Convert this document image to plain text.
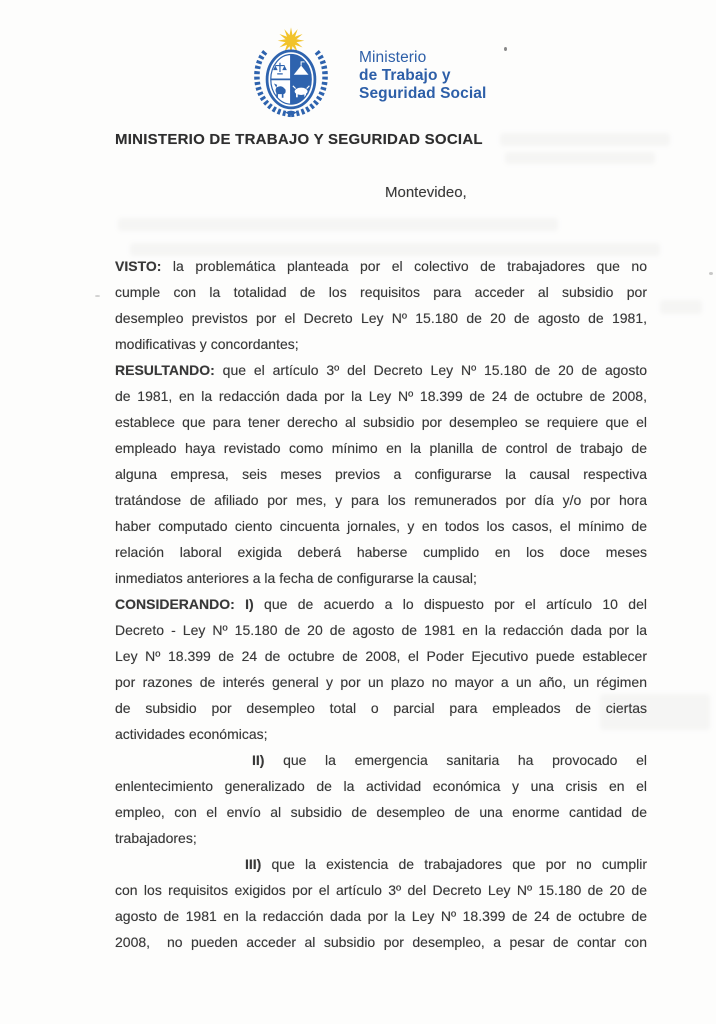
Ministerio
de Trabajo y
Seguridad Social
MINISTERIO DE TRABAJO Y SEGURIDAD SOCIAL
Montevideo,
VISTO: la problemática planteada por el colectivo de trabajadores que no
cumple con la totalidad de los requisitos para acceder al subsidio por
desempleo previstos por el Decreto Ley Nº 15.180 de 20 de agosto de 1981,
modificativas y concordantes;
RESULTANDO: que el artículo 3º del Decreto Ley Nº 15.180 de 20 de agosto
de 1981, en la redacción dada por la Ley Nº 18.399 de 24 de octubre de 2008,
establece que para tener derecho al subsidio por desempleo se requiere que el
empleado haya revistado como mínimo en la planilla de control de trabajo de
alguna empresa, seis meses previos a configurarse la causal respectiva
tratándose de afiliado por mes, y para los remunerados por día y/o por hora
haber computado ciento cincuenta jornales, y en todos los casos, el mínimo de
relación laboral exigida deberá haberse cumplido en los doce meses
inmediatos anteriores a la fecha de configurarse la causal;
CONSIDERANDO: I) que de acuerdo a lo dispuesto por el artículo 10 del
Decreto - Ley Nº 15.180 de 20 de agosto de 1981 en la redacción dada por la
Ley Nº 18.399 de 24 de octubre de 2008, el Poder Ejecutivo puede establecer
por razones de interés general y por un plazo no mayor a un año, un régimen
de subsidio por desempleo total o parcial para empleados de ciertas
actividades económicas;
II) que la emergencia sanitaria ha provocado el
enlentecimiento generalizado de la actividad económica y una crisis en el
empleo, con el envío al subsidio de desempleo de una enorme cantidad de
trabajadores;
III) que la existencia de trabajadores que por no cumplir
con los requisitos exigidos por el artículo 3º del Decreto Ley Nº 15.180 de 20 de
agosto de 1981 en la redacción dada por la Ley Nº 18.399 de 24 de octubre de
2008,  no pueden acceder al subsidio por desempleo, a pesar de contar con
